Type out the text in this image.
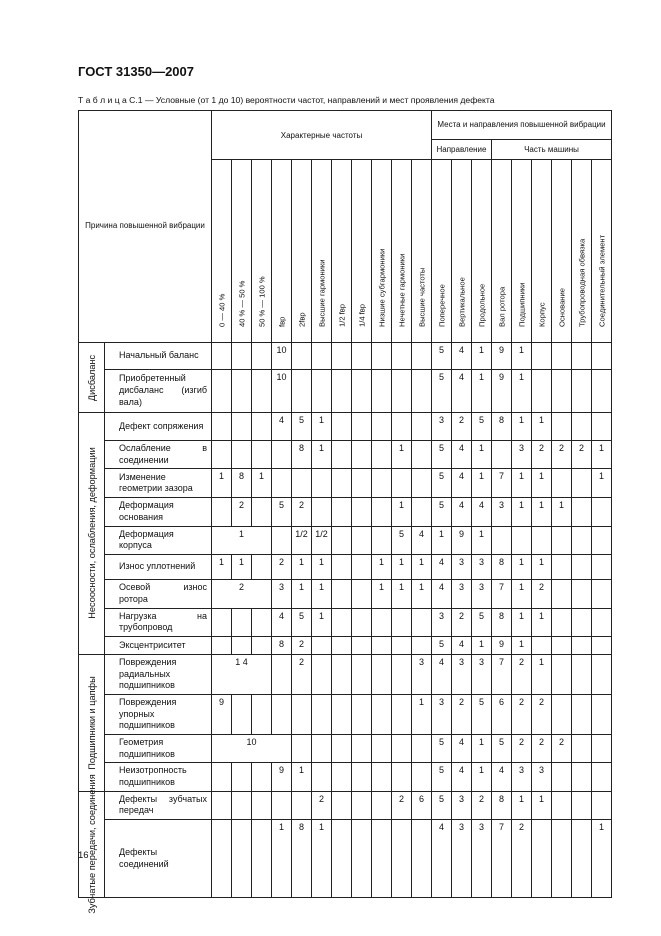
ГОСТ 31350—2007
Т а б л и ц а С.1 — Условные (от 1 до 10) вероятности частот, направлений и мест проявления дефекта
Причина повышенной вибрации		Характерные частоты											Места и направления повышенной вибрации								
													Направление			Часть машины					

		0 — 40 %	40 % — 50 %	50 % — 100 %	fвр	2fвр	Высшие гармоники	1/2 fвр	1/4 fвр	Низшие субгармоники	Нечетные гармоники	Высшие частоты	Поперечное	Вертикальное	Продольное	Вал ротора	Подшипники	Корпус	Основание	Трубопроводная обвязка	Соединительный элемент

Дисбаланс	Начальный баланс				10								5	4	1	9	1				
	Приобретенный дисбаланс (изгиб вала)				10								5	4	1	9	1				

Несоосности, ослабления, деформации	Дефект сопряжения				4	5	1						3	2	5	8	1	1			
	Ослабление в соединении					8	1				1		5	4	1		3	2	2	2	1
	Изменение геометрии зазора	1	8	1									5	4	1	7	1	1			1
	Деформация основания		2		5	2					1		5	4	4	3	1	1	1		
	Деформация корпуса	1				1/2	1/2				5	4	1	9	1						
	Износ уплотнений	1	1		2	1	1			1	1	1	4	3	3	8	1	1			
	Осевой износ ротора	2			3	1	1			1	1	1	4	3	3	7	1	2			
	Нагрузка на трубопровод				4	5	1						3	2	5	8	1	1			
	Эксцентриситет				8	2							5	4	1	9	1				

Подшипники и цапфы	Повреждения радиальных подшипников	1 4				2						3	4	3	3	7	2	1			
	Повреждения упорных подшипников	9										1	3	2	5	6	2	2			
	Геометрия подшипников	10											5	4	1	5	2	2	2		
	Неизотропность подшипников				9	1							5	4	1	4	3	3			

Зубчатые передачи, соединения	Дефекты зубчатых передач						2				2	6	5	3	2	8	1	1			
	Дефекты соединений				1	8	1						4	3	3	7	2				1
16
